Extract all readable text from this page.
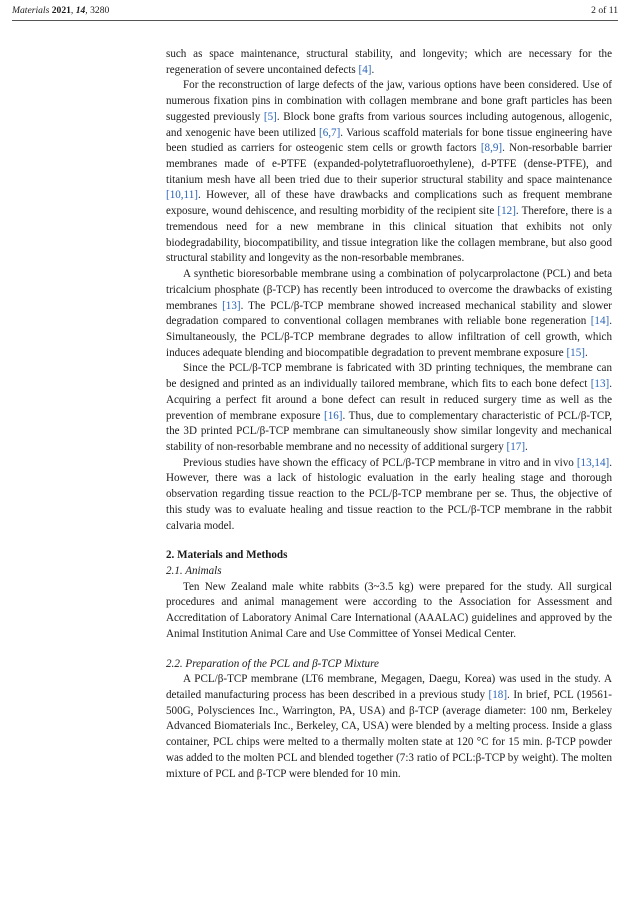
Materials 2021, 14, 3280	2 of 11

such as space maintenance, structural stability, and longevity; which are necessary for the regeneration of severe uncontained defects [4].

For the reconstruction of large defects of the jaw, various options have been considered. Use of numerous fixation pins in combination with collagen membrane and bone graft particles has been suggested previously [5]. Block bone grafts from various sources including autogenous, allogenic, and xenogenic have been utilized [6,7]. Various scaffold materials for bone tissue engineering have been studied as carriers for osteogenic stem cells or growth factors [8,9]. Non-resorbable barrier membranes made of e-PTFE (expanded-polytetrafluoroethylene), d-PTFE (dense-PTFE), and titanium mesh have all been tried due to their superior structural stability and space maintenance [10,11]. However, all of these have drawbacks and complications such as frequent membrane exposure, wound dehiscence, and resulting morbidity of the recipient site [12]. Therefore, there is a tremendous need for a new membrane in this clinical situation that exhibits not only biodegradability, biocompatibility, and tissue integration like the collagen membrane, but also good structural stability and longevity as the non-resorbable membranes.

A synthetic bioresorbable membrane using a combination of polycarprolactone (PCL) and beta tricalcium phosphate (β-TCP) has recently been introduced to overcome the drawbacks of existing membranes [13]. The PCL/β-TCP membrane showed increased mechanical stability and slower degradation compared to conventional collagen membranes with reliable bone regeneration [14]. Simultaneously, the PCL/β-TCP membrane degrades to allow infiltration of cell growth, which induces adequate blending and biocompatible degradation to prevent membrane exposure [15].

Since the PCL/β-TCP membrane is fabricated with 3D printing techniques, the membrane can be designed and printed as an individually tailored membrane, which fits to each bone defect [13]. Acquiring a perfect fit around a bone defect can result in reduced surgery time as well as the prevention of membrane exposure [16]. Thus, due to complementary characteristic of PCL/β-TCP, the 3D printed PCL/β-TCP membrane can simultaneously show similar longevity and mechanical stability of non-resorbable membrane and no necessity of additional surgery [17].

Previous studies have shown the efficacy of PCL/β-TCP membrane in vitro and in vivo [13,14]. However, there was a lack of histologic evaluation in the early healing stage and thorough observation regarding tissue reaction to the PCL/β-TCP membrane per se. Thus, the objective of this study was to evaluate healing and tissue reaction to the PCL/β-TCP membrane in the rabbit calvaria model.

2. Materials and Methods
2.1. Animals

Ten New Zealand male white rabbits (3~3.5 kg) were prepared for the study. All surgical procedures and animal management were according to the Association for Assessment and Accreditation of Laboratory Animal Care International (AAALAC) guidelines and approved by the Animal Institution Animal Care and Use Committee of Yonsei Medical Center.

2.2. Preparation of the PCL and β-TCP Mixture

A PCL/β-TCP membrane (LT6 membrane, Megagen, Daegu, Korea) was used in the study. A detailed manufacturing process has been described in a previous study [18]. In brief, PCL (19561-500G, Polysciences Inc., Warrington, PA, USA) and β-TCP (average diameter: 100 nm, Berkeley Advanced Biomaterials Inc., Berkeley, CA, USA) were blended by a melting process. Inside a glass container, PCL chips were melted to a thermally molten state at 120 °C for 15 min. β-TCP powder was added to the molten PCL and blended together (7:3 ratio of PCL:β-TCP by weight). The molten mixture of PCL and β-TCP were blended for 10 min.
